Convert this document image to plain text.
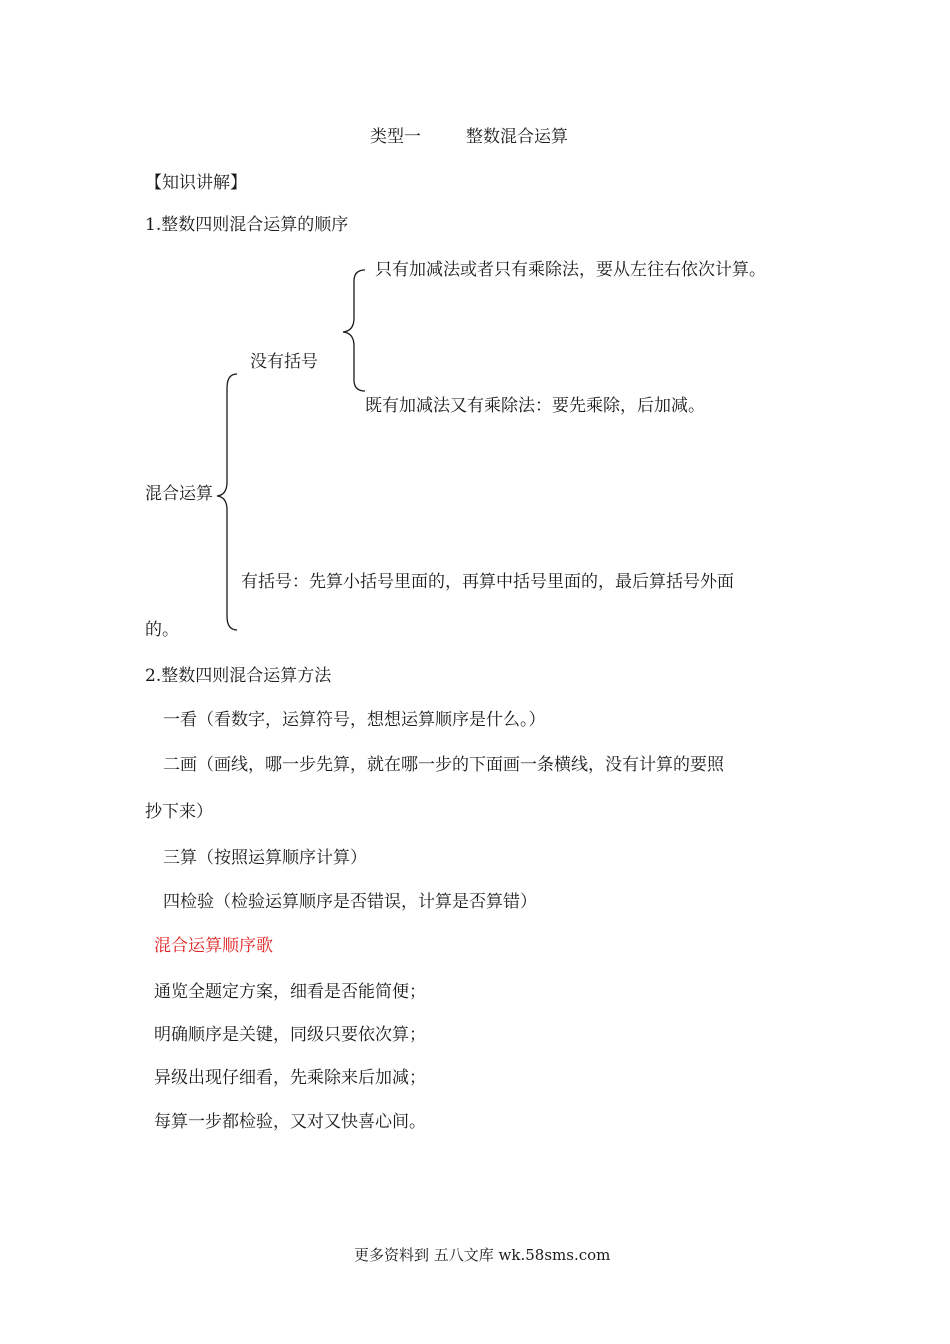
类型一	整数混合运算
【知识讲解】
1.整数四则混合运算的顺序
只有加减法或者只有乘除法，要从左往右依次计算。
没有括号
既有加减法又有乘除法：要先乘除，后加减。
混合运算
有括号：先算小括号里面的，再算中括号里面的，最后算括号外面
的。
2.整数四则混合运算方法
一看（看数字，运算符号，想想运算顺序是什么。）
二画（画线，哪一步先算，就在哪一步的下面画一条横线，没有计算的要照
抄下来）
三算（按照运算顺序计算）
四检验（检验运算顺序是否错误，计算是否算错）
混合运算顺序歌
通览全题定方案，细看是否能简便；
明确顺序是关键，同级只要依次算；
异级出现仔细看，先乘除来后加减；
每算一步都检验，又对又快喜心间。
更多资料到 五八文库 wk.58sms.com
